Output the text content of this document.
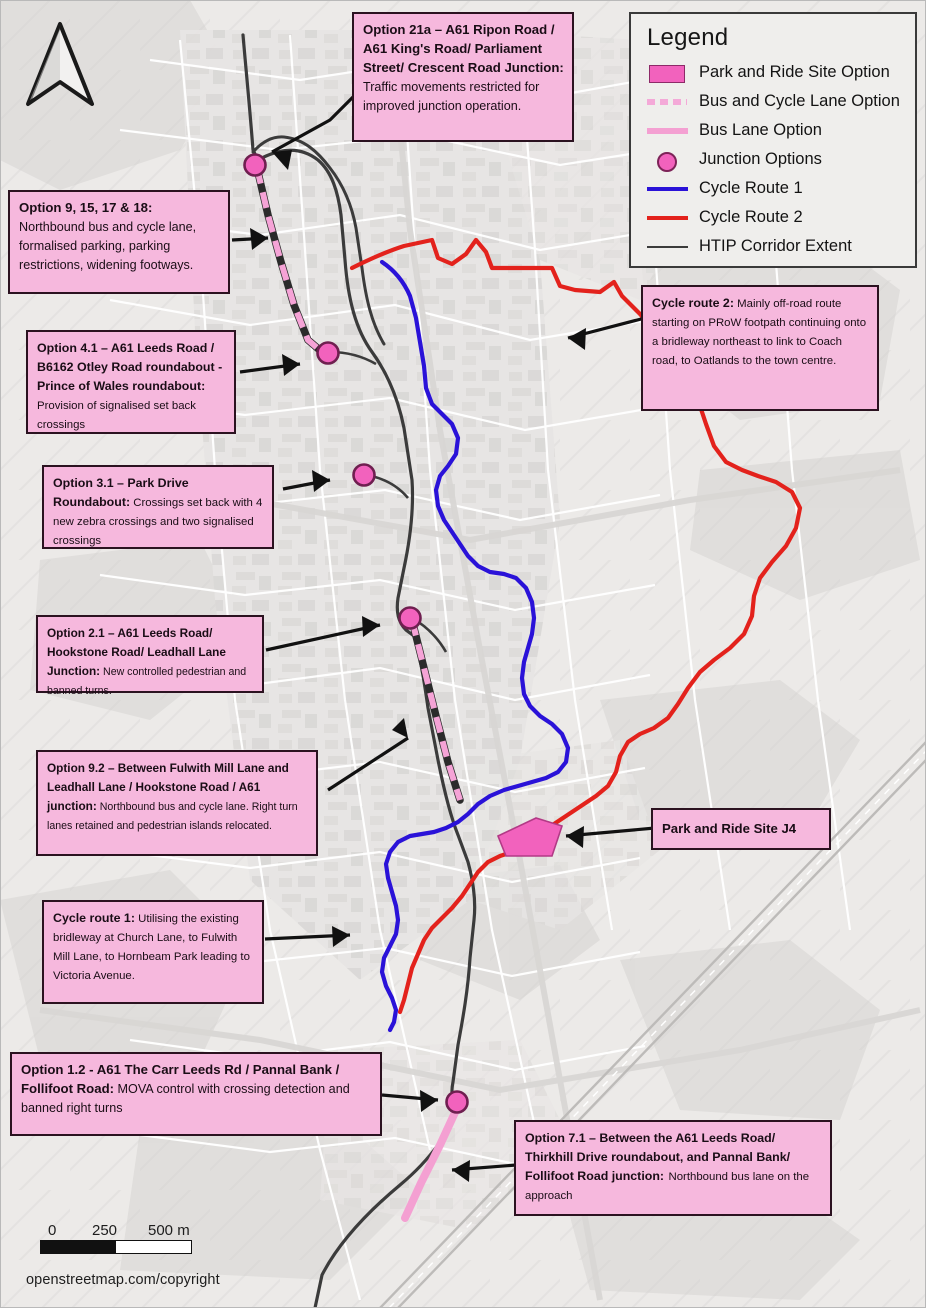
Legend
Park and Ride Site Option
Bus and Cycle Lane Option
Bus Lane Option
Junction Options
Cycle Route 1
Cycle Route 2
HTIP Corridor Extent
Option 21a – A61 Ripon Road / A61 King's Road/ Parliament Street/ Crescent Road Junction: Traffic movements restricted for improved junction operation.
Option 9, 15, 17 & 18: Northbound bus and cycle lane, formalised parking, parking restrictions, widening footways.
Option 4.1 – A61 Leeds Road / B6162 Otley Road roundabout - Prince of Wales roundabout: Provision of signalised set back crossings
Option 3.1 – Park Drive Roundabout: Crossings set back with 4 new zebra crossings and two signalised crossings
Option 2.1 – A61 Leeds Road/ Hookstone Road/ Leadhall Lane Junction: New controlled pedestrian and banned turns.
Option 9.2 – Between Fulwith Mill Lane and Leadhall Lane / Hookstone Road / A61 junction: Northbound bus and cycle lane. Right turn lanes retained and pedestrian islands relocated.
Cycle route 1: Utilising the existing bridleway at Church Lane, to Fulwith Mill Lane, to Hornbeam Park leading to Victoria Avenue.
Option 1.2 - A61 The Carr Leeds Rd / Pannal Bank / Follifoot Road: MOVA control with crossing detection and banned right turns
Option 7.1 – Between the A61 Leeds Road/ Thirkhill Drive roundabout, and Pannal Bank/ Follifoot Road junction: Northbound bus lane on the approach
Cycle route 2: Mainly off-road route starting on PRoW footpath continuing onto a bridleway northeast to link to Coach road, to Oatlands to the town centre.
Park and Ride Site J4
0 250 500 m
openstreetmap.com/copyright
